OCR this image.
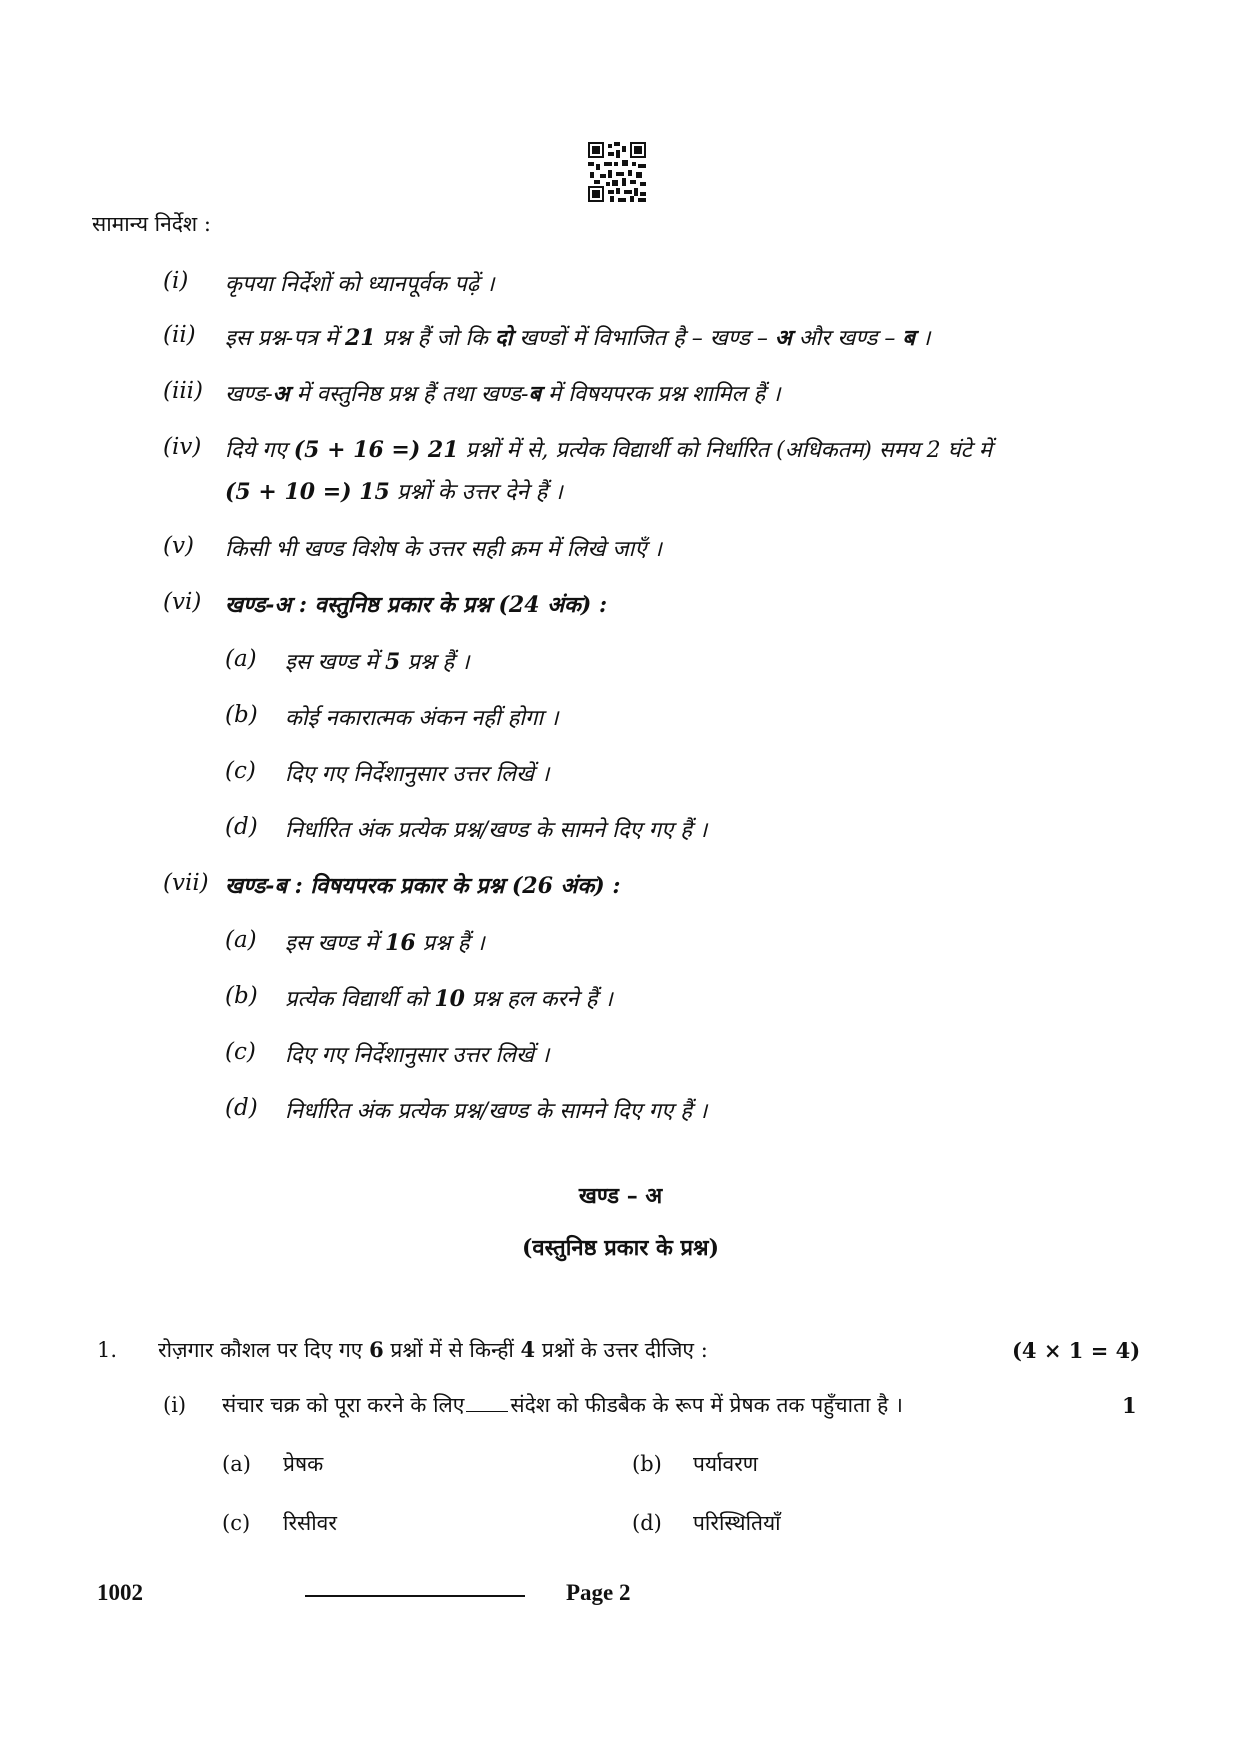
सामान्य निर्देश :
(i) कृपया निर्देशों को ध्यानपूर्वक पढ़ें ।
(ii) इस प्रश्न-पत्र में 21 प्रश्न हैं जो कि दो खण्डों में विभाजित है – खण्ड – अ और खण्ड – ब ।
(iii) खण्ड-अ में वस्तुनिष्ठ प्रश्न हैं तथा खण्ड-ब में विषयपरक प्रश्न शामिल हैं ।
(iv) दिये गए (5 + 16 =) 21 प्रश्नों में से, प्रत्येक विद्यार्थी को निर्धारित (अधिकतम) समय 2 घंटे में
(5 + 10 =) 15 प्रश्नों के उत्तर देने हैं ।
(v) किसी भी खण्ड विशेष के उत्तर सही क्रम में लिखे जाएँ ।
(vi) खण्ड-अ : वस्तुनिष्ठ प्रकार के प्रश्न (24 अंक) :
(a) इस खण्ड में 5 प्रश्न हैं ।
(b) कोई नकारात्मक अंकन नहीं होगा ।
(c) दिए गए निर्देशानुसार उत्तर लिखें ।
(d) निर्धारित अंक प्रत्येक प्रश्न/खण्ड के सामने दिए गए हैं ।
(vii) खण्ड-ब : विषयपरक प्रकार के प्रश्न (26 अंक) :
(a) इस खण्ड में 16 प्रश्न हैं ।
(b) प्रत्येक विद्यार्थी को 10 प्रश्न हल करने हैं ।
(c) दिए गए निर्देशानुसार उत्तर लिखें ।
(d) निर्धारित अंक प्रत्येक प्रश्न/खण्ड के सामने दिए गए हैं ।
खण्ड – अ
(वस्तुनिष्ठ प्रकार के प्रश्न)
1. रोज़गार कौशल पर दिए गए 6 प्रश्नों में से किन्हीं 4 प्रश्नों के उत्तर दीजिए :	(4 × 1 = 4)
(i) संचार चक्र को पूरा करने के लिए संदेश को फीडबैक के रूप में प्रेषक तक पहुँचाता है ।	1
(a) प्रेषक	(b) पर्यावरण
(c) रिसीवर	(d) परिस्थितियाँ
1002	Page 2
